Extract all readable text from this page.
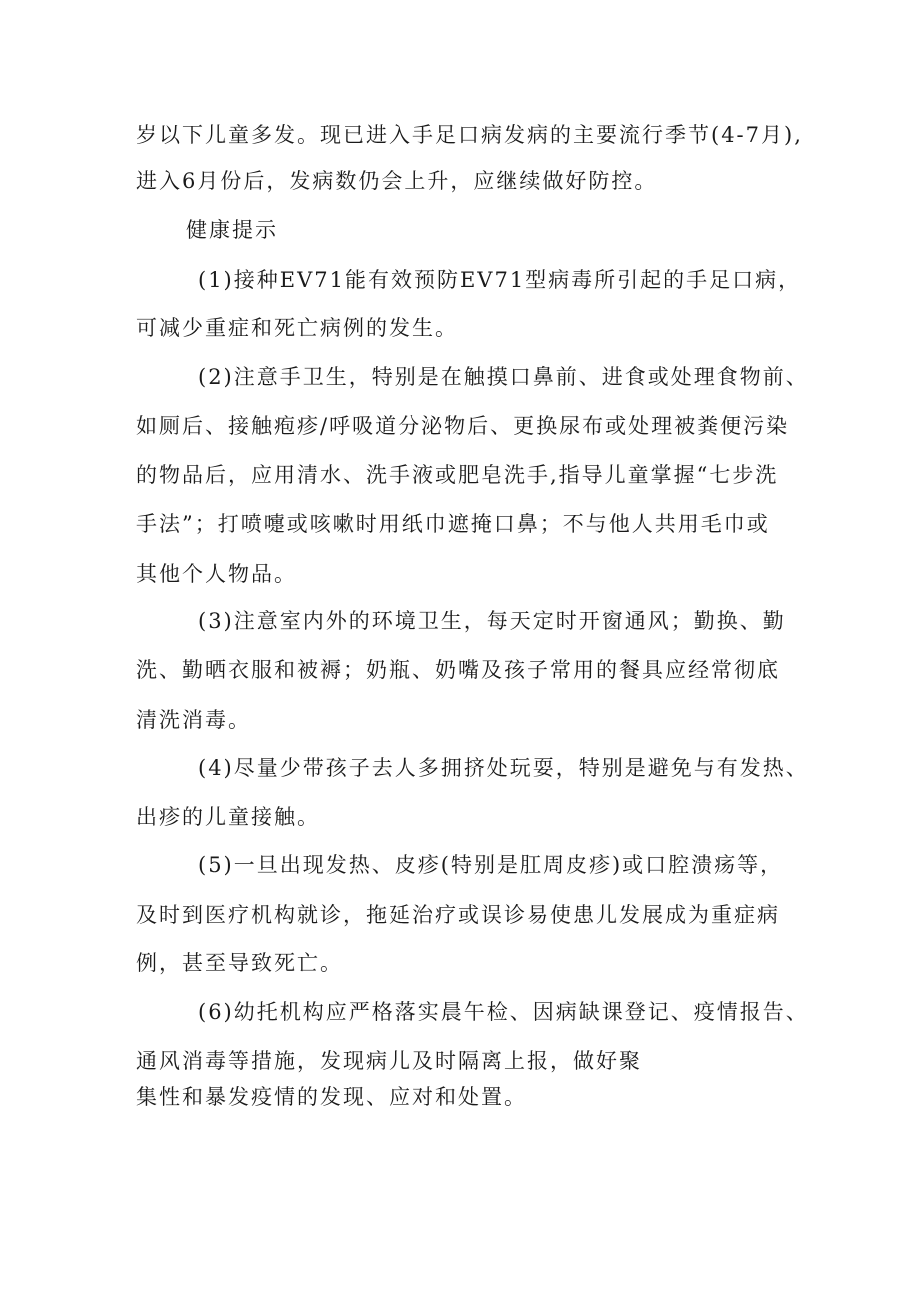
岁以下儿童多发。现已进入手足口病发病的主要流行季节(4-7月),
进入6月份后，发病数仍会上升，应继续做好防控。
健康提示
(1)接种EV71能有效预防EV71型病毒所引起的手足口病，
可减少重症和死亡病例的发生。
(2)注意手卫生，特别是在触摸口鼻前、进食或处理食物前、
如厕后、接触疱疹/呼吸道分泌物后、更换尿布或处理被粪便污染
的物品后，应用清水、洗手液或肥皂洗手,指导儿童掌握“七步洗
手法”；打喷嚏或咳嗽时用纸巾遮掩口鼻；不与他人共用毛巾或
其他个人物品。
(3)注意室内外的环境卫生，每天定时开窗通风；勤换、勤
洗、勤晒衣服和被褥；奶瓶、奶嘴及孩子常用的餐具应经常彻底
清洗消毒。
(4)尽量少带孩子去人多拥挤处玩耍，特别是避免与有发热、
出疹的儿童接触。
(5)一旦出现发热、皮疹(特别是肛周皮疹)或口腔溃疡等，
及时到医疗机构就诊，拖延治疗或误诊易使患儿发展成为重症病
例，甚至导致死亡。
(6)幼托机构应严格落实晨午检、因病缺课登记、疫情报告、
通风消毒等措施，发现病儿及时隔离上报，做好聚
集性和暴发疫情的发现、应对和处置。
